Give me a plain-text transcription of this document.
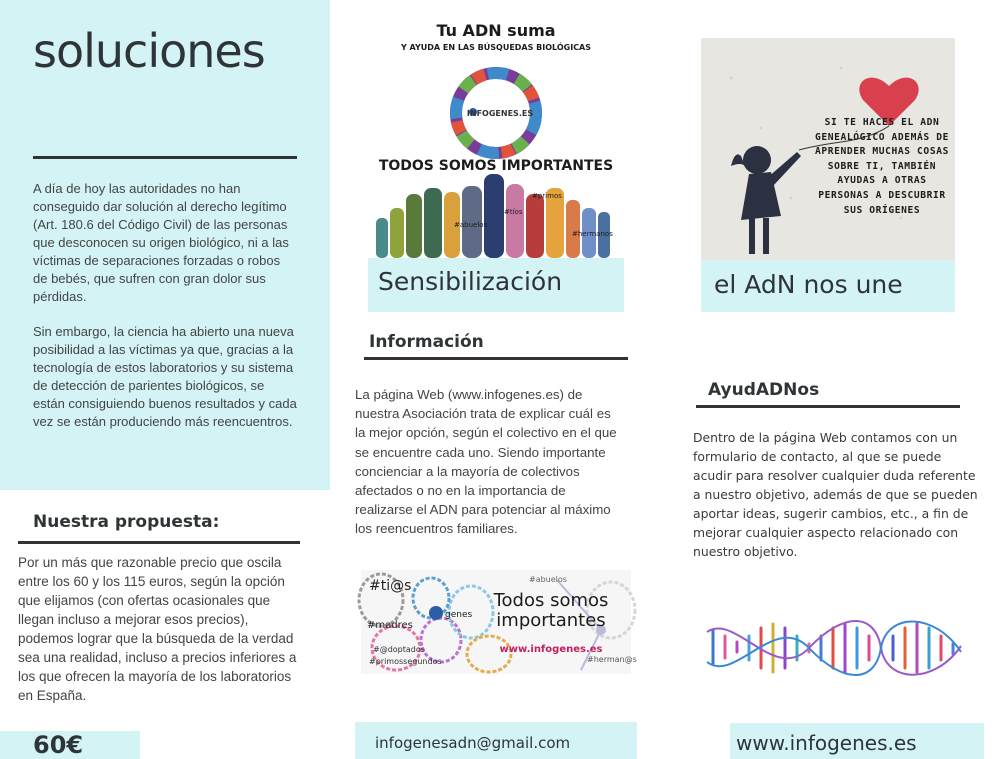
soluciones
A día de hoy las autoridades no han conseguido dar solución al derecho legítimo (Art. 180.6 del Código Civil) de las personas que desconocen su origen biológico, ni a las víctimas de separaciones forzadas o robos de bebés, que sufren con gran dolor sus pérdidas.
Sin embargo, la ciencia ha abierto una nueva posibilidad a las víctimas ya que, gracias a la tecnología de estos laboratorios y su sistema de detección de parientes biológicos, se están consiguiendo buenos resultados y cada vez se están produciendo más reencuentros.
Nuestra propuesta:
Por un más que razonable precio que oscila entre los 60 y los 115 euros, según la opción que elijamos (con ofertas ocasionales que llegan incluso a mejorar esos precios), podemos lograr que la búsqueda de la verdad sea una realidad, incluso a precios inferiores a los que ofrecen la mayoría de los laboratorios en España.
60€
Tu ADN suma
Y AYUDA EN LAS BÚSQUEDAS BIOLÓGICAS
INFOGENES.ES
TODOS SOMOS IMPORTANTES
#primos
#tíos
#abuelos
#hermanos
Sensibilización
Información
La página Web (www.infogenes.es) de nuestra Asociación trata de explicar cuál es la mejor opción, según el colectivo en el que se encuentre cada uno. Siendo importante concienciar a la mayoría de colectivos afectados o no en la importancia de realizarse el ADN para potenciar al máximo los reencuentros familiares.
genes
Todos somos
importantes
www.infogenes.es
#ti@s	#abuelos
#madres
#@doptados
#primossegundos	#herman@s
infogenesadn@gmail.com
SI TE HACES EL ADN GENEALÓGICO ADEMÁS DE APRENDER MUCHAS COSAS SOBRE TI, TAMBIÉN AYUDAS A OTRAS PERSONAS A DESCUBRIR SUS ORÍGENES
el AdN nos une
AyudADNos
Dentro de la página Web contamos con un formulario de contacto, al que se puede acudir para resolver cualquier duda referente a nuestro objetivo, además de que se pueden aportar ideas, sugerir cambios, etc., a fin de mejorar cualquier aspecto relacionado con nuestro objetivo.
www.infogenes.es
